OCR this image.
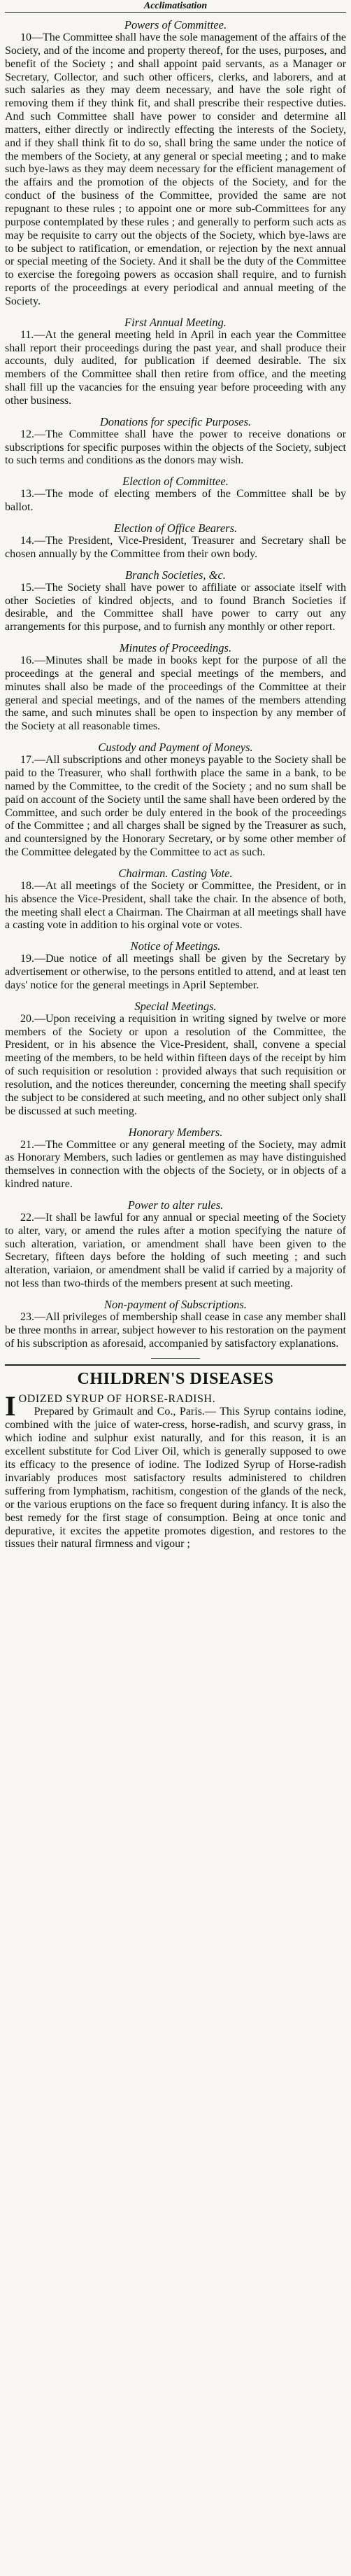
Acclimatisation
Powers of Committee.

10—The Committee shall have the sole management of the affairs of the Society, and of the income and property thereof, for the uses, purposes, and benefit of the Society ; and shall appoint paid servants, as a Manager or Secretary, Collector, and such other officers, clerks, and laborers, and at such salaries as they may deem necessary, and have the sole right of removing them if they think fit, and shall prescribe their respective duties. And such Committee shall have power to consider and determine all matters, either directly or indirectly effecting the interests of the Society, and if they shall think fit to do so, shall bring the same under the notice of the members of the Society, at any general or special meeting ; and to make such bye-laws as they may deem necessary for the efficient management of the affairs and the promotion of the objects of the Society, and for the conduct of the business of the Committee, provided the same are not repugnant to these rules ; to appoint one or more sub-Committees for any purpose contemplated by these rules ; and generally to perform such acts as may be requisite to carry out the objects of the Society, which bye-laws are to be subject to ratification, or emendation, or rejection by the next annual or special meeting of the Society. And it shall be the duty of the Committee to exercise the foregoing powers as occasion shall require, and to furnish reports of the proceedings at every periodical and annual meeting of the Society.

First Annual Meeting.

11.—At the general meeting held in April in each year the Committee shall report their proceedings during the past year, and shall produce their accounts, duly audited, for publication if deemed desirable. The six members of the Committee shall then retire from office, and the meeting shall fill up the vacancies for the ensuing year before proceeding with any other business.

Donations for specific Purposes.

12.—The Committee shall have the power to receive donations or subscriptions for specific purposes within the objects of the Society, subject to such terms and conditions as the donors may wish.

Election of Committee.

13.—The mode of electing members of the Committee shall be by ballot.

Election of Office Bearers.

14.—The President, Vice-President, Treasurer and Secretary shall be chosen annually by the Committee from their own body.

Branch Societies, &c.

15.—The Society shall have power to affiliate or associate itself with other Societies of kindred objects, and to found Branch Societies if desirable, and the Committee shall have power to carry out any arrangements for this purpose, and to furnish any monthly or other report.

Minutes of Proceedings.

16.—Minutes shall be made in books kept for the purpose of all the proceedings at the general and special meetings of the members, and minutes shall also be made of the proceedings of the Committee at their general and special meetings, and of the names of the members attending the same, and such minutes shall be open to inspection by any member of the Society at all reasonable times.

Custody and Payment of Moneys.

17.—All subscriptions and other moneys payable to the Society shall be paid to the Treasurer, who shall forthwith place the same in a bank, to be named by the Committee, to the credit of the Society ; and no sum shall be paid on account of the Society until the same shall have been ordered by the Committee, and such order be duly entered in the book of the proceedings of the Committee ; and all charges shall be signed by the Treasurer as such, and countersigned by the Honorary Secretary, or by some other member of the Committee delegated by the Committee to act as such.

Chairman. Casting Vote.

18.—At all meetings of the Society or Committee, the President, or in his absence the Vice-President, shall take the chair. In the absence of both, the meeting shall elect a Chairman. The Chairman at all meetings shall have a casting vote in addition to his orginal vote or votes.

Notice of Meetings.

19.—Due notice of all meetings shall be given by the Secretary by advertisement or otherwise, to the persons entitled to attend, and at least ten days' notice for the general meetings in April September.

Special Meetings.

20.—Upon receiving a requisition in writing signed by twelve or more members of the Society or upon a resolution of the Committee, the President, or in his absence the Vice-President, shall, convene a special meeting of the members, to be held within fifteen days of the receipt by him of such requisition or resolution : provided always that such requisition or resolution, and the notices thereunder, concerning the meeting shall specify the subject to be considered at such meeting, and no other subject only shall be discussed at such meeting.

Honorary Members.

21.—The Committee or any general meeting of the Society, may admit as Honorary Members, such ladies or gentlemen as may have distinguished themselves in connection with the objects of the Society, or in objects of a kindred nature.

Power to alter rules.

22.—It shall be lawful for any annual or special meeting of the Society to alter, vary, or amend the rules after a motion specifying the nature of such alteration, variation, or amendment shall have been given to the Secretary, fifteen days before the holding of such meeting ; and such alteration, variaion, or amendment shall be valid if carried by a majority of not less than two-thirds of the members present at such meeting.

Non-payment of Subscriptions.

23.—All privileges of membership shall cease in case any member shall be three months in arrear, subject however to his restoration on the payment of his subscription as aforesaid, accompanied by satisfactory explanations.

CHILDREN'S DISEASES
IODIZED SYRUP OF HORSE-RADISH.
Prepared by Grimault and Co., Paris.— This Syrup contains iodine, combined with the juice of water-cress, horse-radish, and scurvy grass, in which iodine and sulphur exist naturally, and for this reason, it is an excellent substitute for Cod Liver Oil, which is generally supposed to owe its efficacy to the presence of iodine. The Iodized Syrup of Horse-radish invariably produces most satisfactory results administered to children suffering from lymphatism, rachitism, congestion of the glands of the neck, or the various eruptions on the face so frequent during infancy. It is also the best remedy for the first stage of consumption. Being at once tonic and depurative, it excites the appetite promotes digestion, and restores to the tissues their natural firmness and vigour ;
